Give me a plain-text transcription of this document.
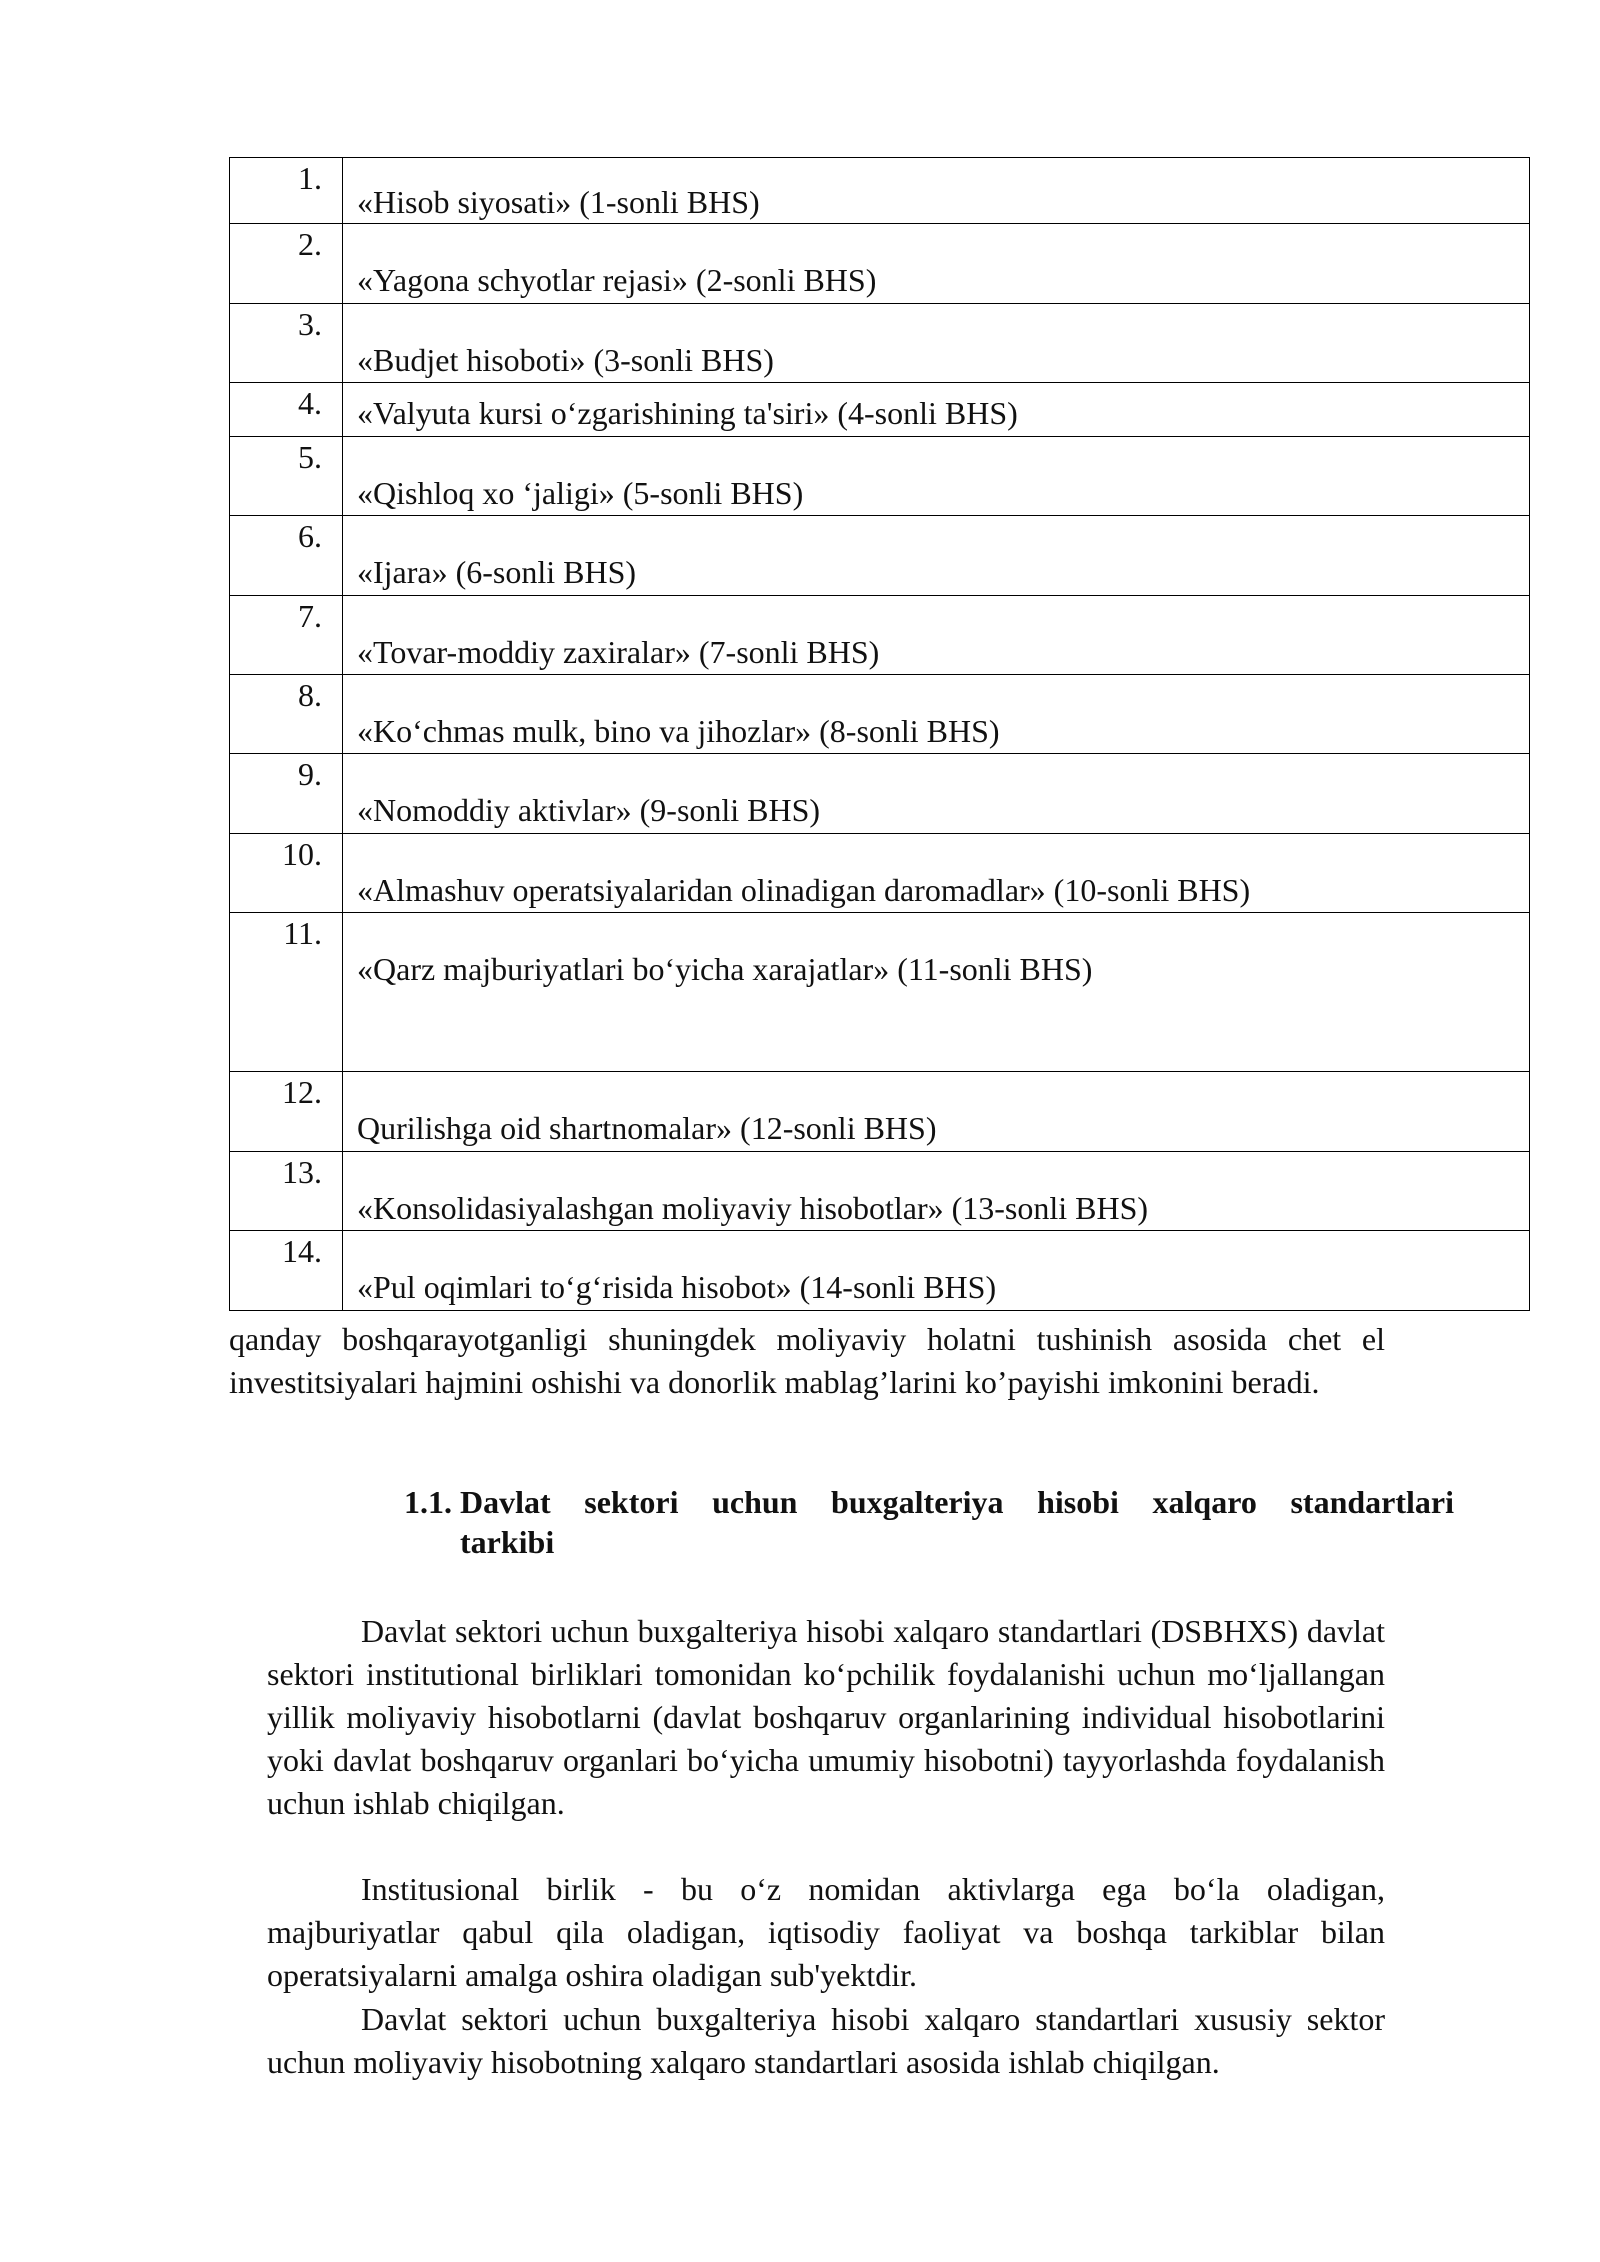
1.	«Hisob siyosati» (1-sonli BHS)

2.	«Yagona schyotlar rejasi» (2-sonli BHS)

3.	«Budjet hisoboti» (3-sonli BHS)

4.	«Valyuta kursi o‘zgarishining ta'siri» (4-sonli BHS)

5.	«Qishloq xo ‘jaligi» (5-sonli BHS)

6.	«Ijara» (6-sonli BHS)

7.	«Tovar-moddiy zaxiralar» (7-sonli BHS)

8.	«Ko‘chmas mulk, bino va jihozlar» (8-sonli BHS)

9.	«Nomoddiy aktivlar» (9-sonli BHS)

10.	«Almashuv operatsiyalaridan olinadigan daromadlar» (10-sonli BHS)

11.	«Qarz majburiyatlari bo‘yicha xarajatlar» (11-sonli BHS)

12.	Qurilishga oid shartnomalar» (12-sonli BHS)

13.	«Konsolidasiyalashgan moliyaviy hisobotlar» (13-sonli BHS)

14.	«Pul oqimlari to‘g‘risida hisobot» (14-sonli BHS)

qanday boshqarayotganligi shuningdek moliyaviy holatni tushinish asosida chet el investitsiyalari hajmini oshishi va donorlik mablag’larini ko’payishi imkonini beradi.

1.1. Davlat sektori uchun buxgalteriya hisobi xalqaro standartlari
tarkibi

Davlat sektori uchun buxgalteriya hisobi xalqaro standartlari (DSBHXS) davlat sektori institutional birliklari tomonidan ko‘pchilik foydalanishi uchun mo‘ljallangan yillik moliyaviy hisobotlarni (davlat boshqaruv organlarining individual hisobotlarini yoki davlat boshqaruv organlari bo‘yicha umumiy hisobotni) tayyorlashda foydalanish uchun ishlab chiqilgan.

Institusional birlik - bu o‘z nomidan aktivlarga ega bo‘la oladigan, majburiyatlar qabul qila oladigan, iqtisodiy faoliyat va boshqa tarkiblar bilan operatsiyalarni amalga oshira oladigan sub'yektdir.

Davlat sektori uchun buxgalteriya hisobi xalqaro standartlari xususiy sektor uchun moliyaviy hisobotning xalqaro standartlari asosida ishlab chiqilgan.
